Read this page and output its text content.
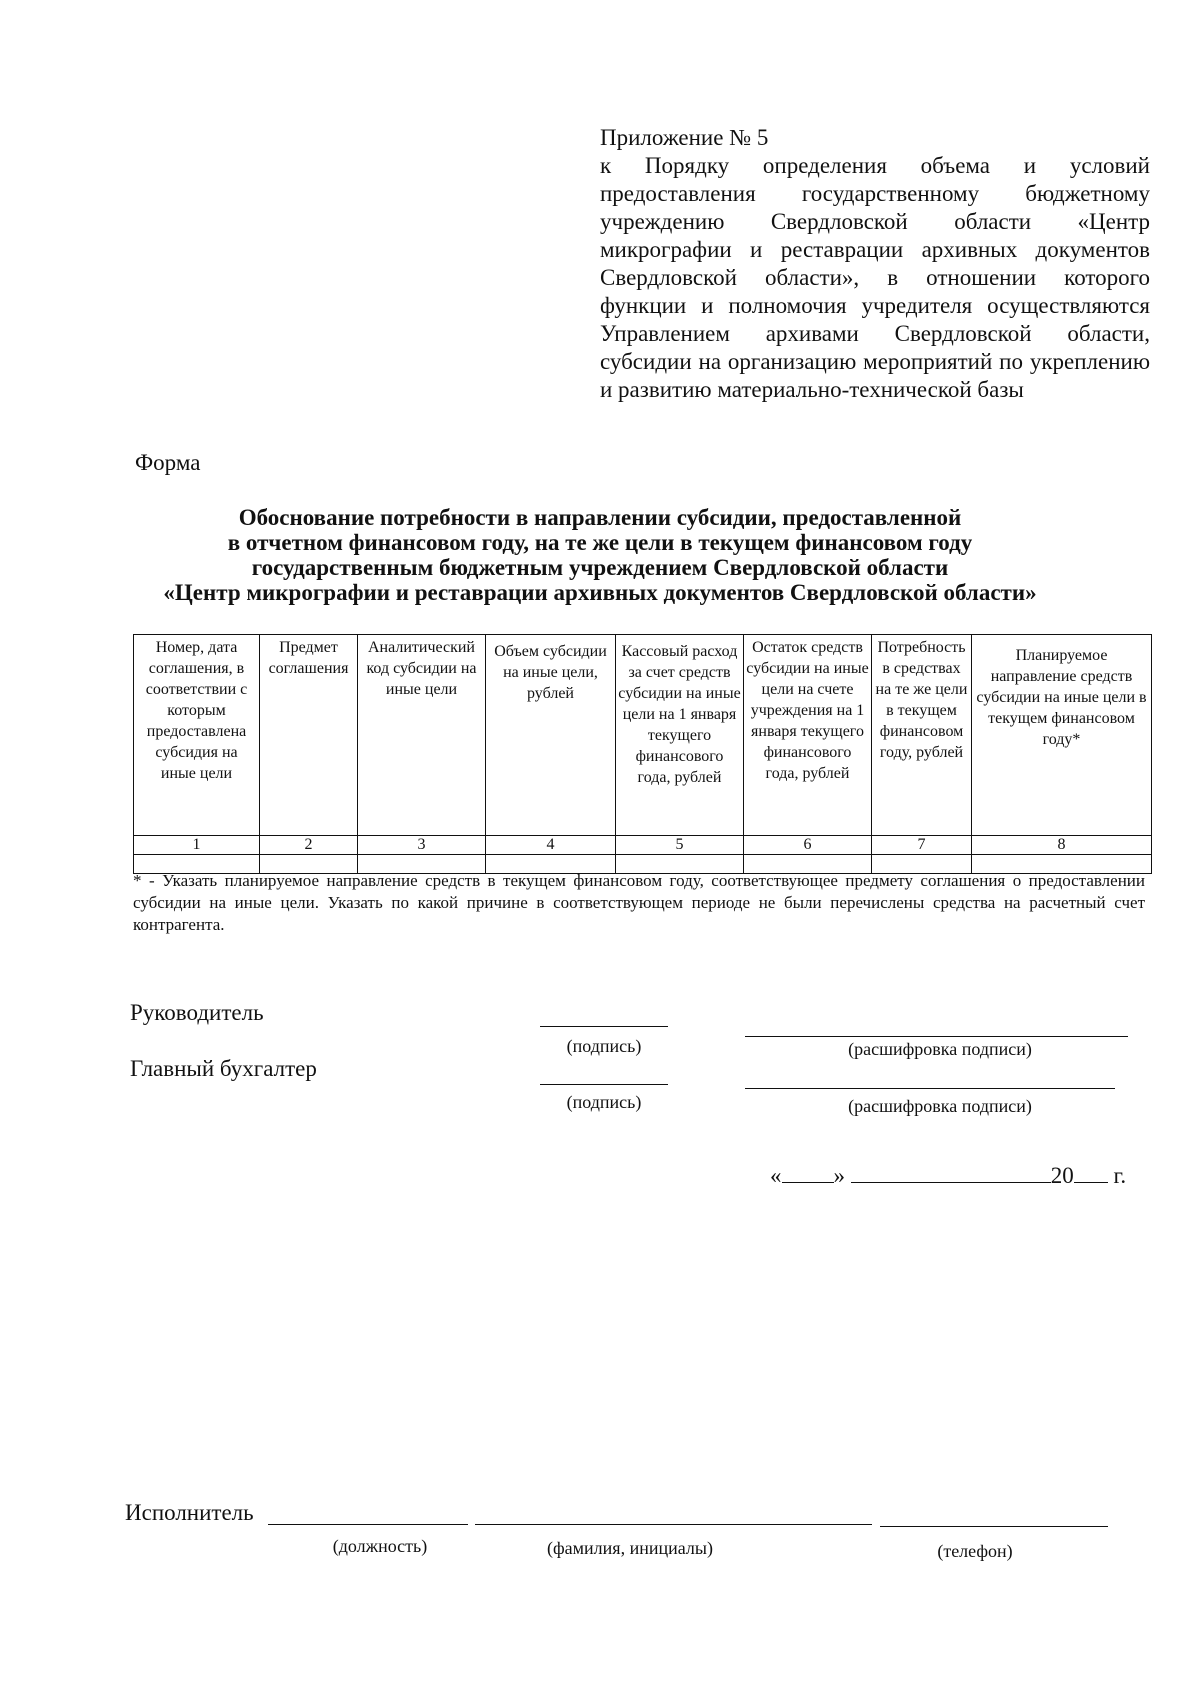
Приложение № 5
к Порядку определения объема и условий предоставления государственному бюджетному учреждению Свердловской области «Центр микрографии и реставрации архивных документов Свердловской области», в отношении которого функции и полномочия учредителя осуществляются Управлением архивами Свердловской области, субсидии на организацию мероприятий по укреплению и развитию материально-технической базы
Форма
Обоснование потребности в направлении субсидии, предоставленной
в отчетном финансовом году, на те же цели в текущем финансовом году
государственным бюджетным учреждением Свердловской области
«Центр микрографии и реставрации архивных документов Свердловской области»
Номер, дата соглашения, в соответствии с которым предоставлена субсидия на иные цели	Предмет соглашения	Аналитический код субсидии на иные цели	Объем субсидии на иные цели, рублей	Кассовый расход за счет средств субсидии на иные цели на 1 января текущего финансового года, рублей	Остаток средств субсидии на иные цели на счете учреждения на 1 января текущего финансового года, рублей	Потребность в средствах на те же цели в текущем финансовом году, рублей	Планируемое направление средств субсидии на иные цели в текущем финансовом году*
1	2	3	4	5	6	7	8

* - Указать планируемое направление средств в текущем финансовом году, соответствующее предмету соглашения о предоставлении субсидии на иные цели. Указать по какой причине в соответствующем периоде не были перечислены средства на расчетный счет контрагента.
Руководитель
(подпись)	(расшифровка подписи)
Главный бухгалтер
(подпись)	(расшифровка подписи)
« »	20 г.
Исполнитель
(должность)	(фамилия, инициалы)	(телефон)
